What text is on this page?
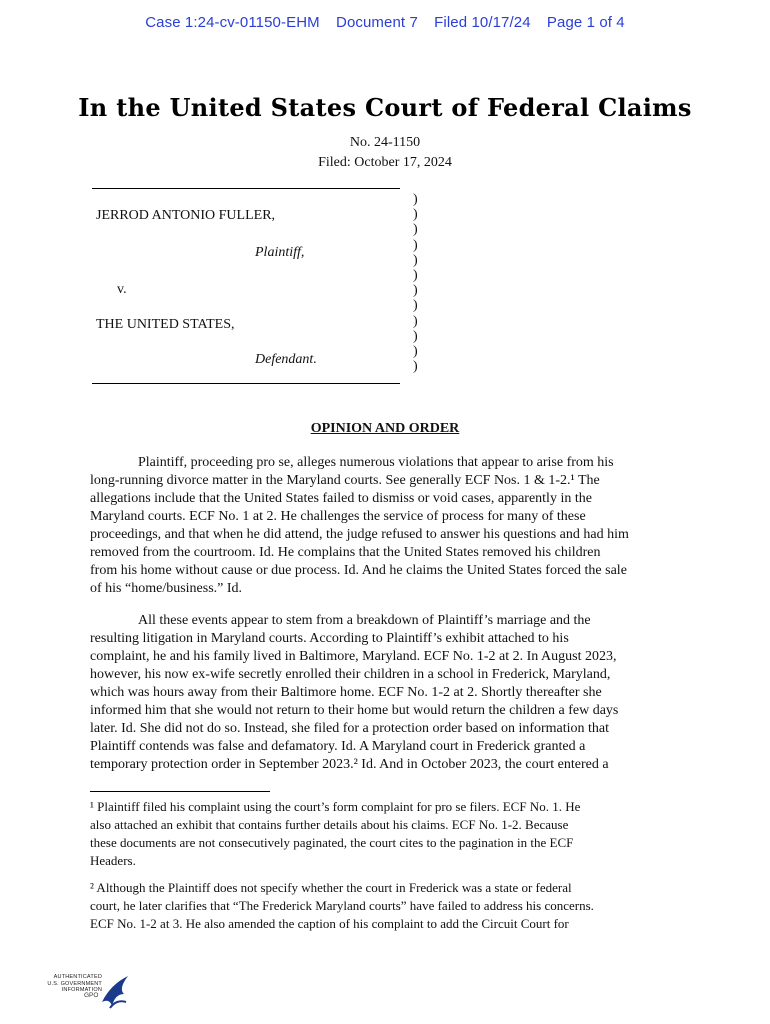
Case 1:24-cv-01150-EHM Document 7 Filed 10/17/24 Page 1 of 4
In the United States Court of Federal Claims
No. 24-1150
Filed: October 17, 2024
)
)
)
)
)
)
)
)
)
)
)
)
JERROD ANTONIO FULLER,
Plaintiff,
v.
THE UNITED STATES,
Defendant.
OPINION AND ORDER
Plaintiff, proceeding pro se, alleges numerous violations that appear to arise from his
long-running divorce matter in the Maryland courts. See generally ECF Nos. 1 & 1-2.¹ The
allegations include that the United States failed to dismiss or void cases, apparently in the
Maryland courts. ECF No. 1 at 2. He challenges the service of process for many of these
proceedings, and that when he did attend, the judge refused to answer his questions and had him
removed from the courtroom. Id. He complains that the United States removed his children
from his home without cause or due process. Id. And he claims the United States forced the sale
of his “home/business.” Id.
All these events appear to stem from a breakdown of Plaintiff’s marriage and the
resulting litigation in Maryland courts. According to Plaintiff’s exhibit attached to his
complaint, he and his family lived in Baltimore, Maryland. ECF No. 1-2 at 2. In August 2023,
however, his now ex-wife secretly enrolled their children in a school in Frederick, Maryland,
which was hours away from their Baltimore home. ECF No. 1-2 at 2. Shortly thereafter she
informed him that she would not return to their home but would return the children a few days
later. Id. She did not do so. Instead, she filed for a protection order based on information that
Plaintiff contends was false and defamatory. Id. A Maryland court in Frederick granted a
temporary protection order in September 2023.² Id. And in October 2023, the court entered a
¹ Plaintiff filed his complaint using the court’s form complaint for pro se filers. ECF No. 1. He
also attached an exhibit that contains further details about his claims. ECF No. 1-2. Because
these documents are not consecutively paginated, the court cites to the pagination in the ECF
Headers.
² Although the Plaintiff does not specify whether the court in Frederick was a state or federal
court, he later clarifies that “The Frederick Maryland courts” have failed to address his concerns.
ECF No. 1-2 at 3. He also amended the caption of his complaint to add the Circuit Court for
AUTHENTICATED
U.S. GOVERNMENT
INFORMATION
GPO
